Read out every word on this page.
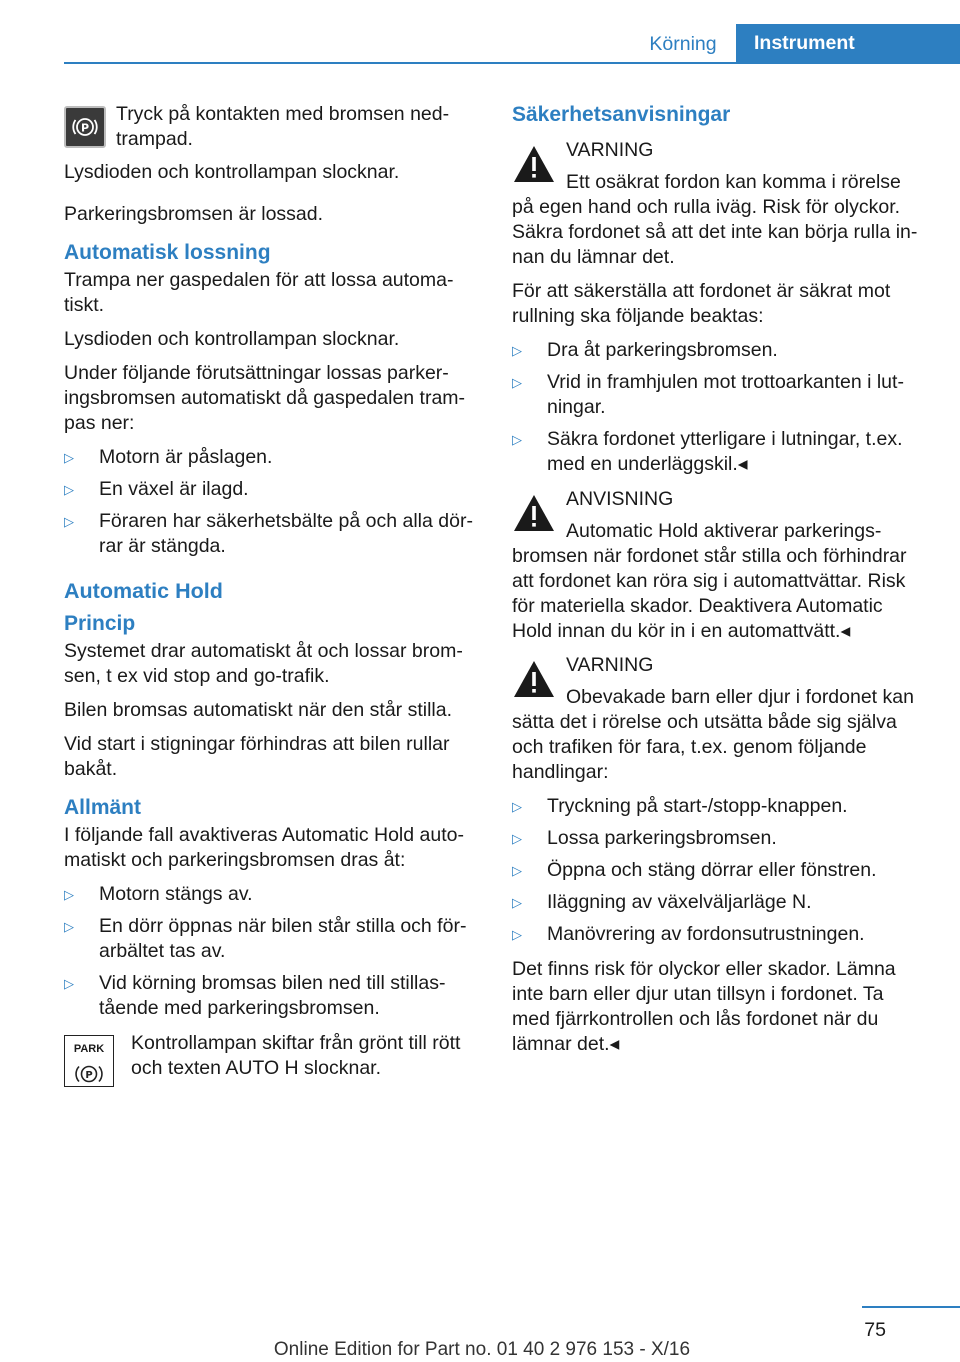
Körning	Instrument
P
Tryck på kontakten med bromsen ned-trampad.

Lysdioden och kontrollampan slocknar.

Parkeringsbromsen är lossad.

Automatisk lossning

Trampa ner gaspedalen för att lossa automa-tiskt.

Lysdioden och kontrollampan slocknar.

Under följande förutsättningar lossas parker-ingsbromsen automatiskt då gaspedalen tram-pas ner:

▷ Motorn är påslagen.
▷ En växel är ilagd.
▷ Föraren har säkerhetsbälte på och alla dör-rar är stängda.
Automatic Hold
Princip

Systemet drar automatiskt åt och lossar brom-sen, t ex vid stop and go-trafik.

Bilen bromsas automatiskt när den står stilla.

Vid start i stigningar förhindras att bilen rullar bakåt.

Allmänt

I följande fall avaktiveras Automatic Hold auto-matiskt och parkeringsbromsen dras åt:

▷ Motorn stängs av.
▷ En dörr öppnas när bilen står stilla och för-arbältet tas av.
▷ Vid körning bromsas bilen ned till stillas-tående med parkeringsbromsen.
PARK
P
Kontrollampan skiftar från grönt till rött och texten AUTO H slocknar.
Säkerhetsanvisningar
VARNING
Ett osäkrat fordon kan komma i rörelse på egen hand och rulla iväg. Risk för olyckor. Säkra fordonet så att det inte kan börja rulla in-nan du lämnar det.

För att säkerställa att fordonet är säkrat mot rullning ska följande beaktas:

▷ Dra åt parkeringsbromsen.
▷ Vrid in framhjulen mot trottoarkanten i lut-ningar.
▷ Säkra fordonet ytterligare i lutningar, t.ex. med en underläggskil.◂
ANVISNING
Automatic Hold aktiverar parkerings-bromsen när fordonet står stilla och förhindrar att fordonet kan röra sig i automattvättar. Risk för materiella skador. Deaktivera Automatic Hold innan du kör in i en automattvätt.◂
VARNING
Obevakade barn eller djur i fordonet kan sätta det i rörelse och utsätta både sig själva och trafiken för fara, t.ex. genom följande handlingar:
▷ Tryckning på start-/stopp-knappen.
▷ Lossa parkeringsbromsen.
▷ Öppna och stäng dörrar eller fönstren.
▷ Iläggning av växelväljarläge N.
▷ Manövrering av fordonsutrustningen.

Det finns risk för olyckor eller skador. Lämna inte barn eller djur utan tillsyn i fordonet. Ta med fjärrkontrollen och lås fordonet när du lämnar det.◂

75
Online Edition for Part no. 01 40 2 976 153 - X/16
